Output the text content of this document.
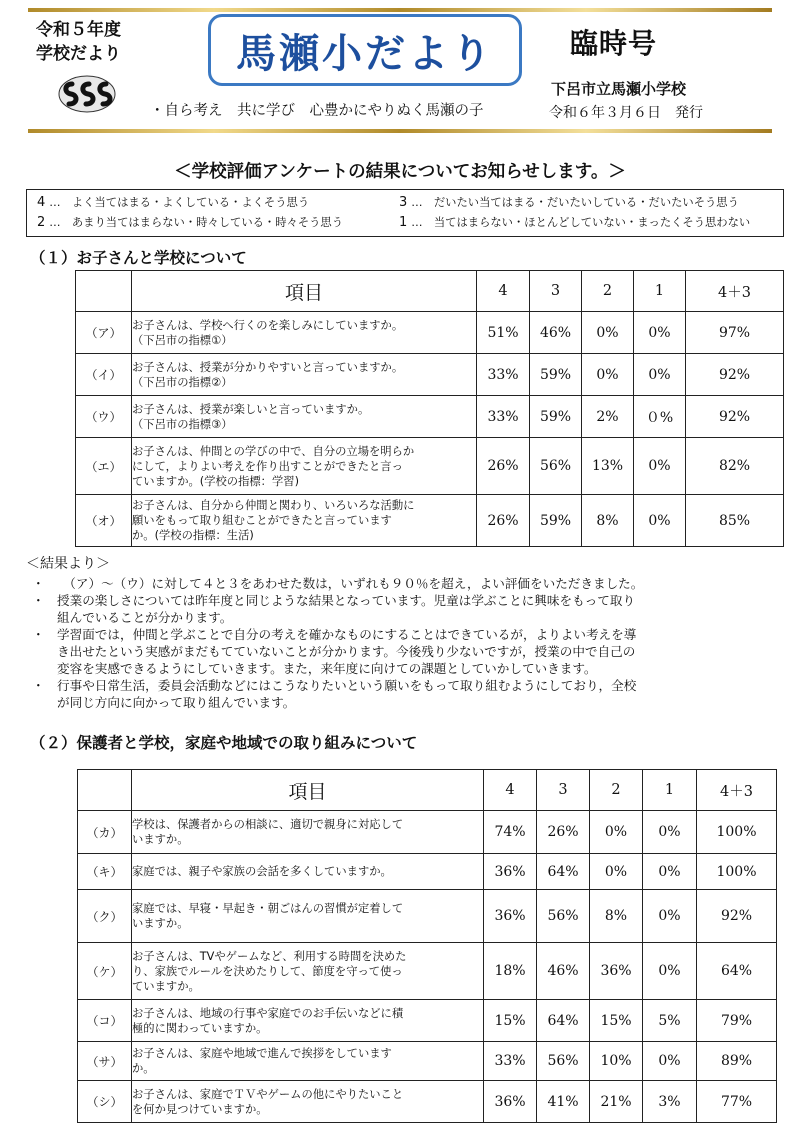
令和５年度
学校だより	馬瀬小だより	臨時号
下呂市立馬瀬小学校
・自ら考え　共に学び　心豊かにやりぬく馬瀬の子	令和６年３月６日　発行
＜学校評価アンケートの結果についてお知らせします。＞
4 …　よく当てはまる・よくしている・よくそう思う	3 …　だいたい当てはまる・だいたいしている・だいたいそう思う
2 …　あまり当てはまらない・時々している・時々そう思う	1 …　当てはまらない・ほとんどしていない・まったくそう思わない
（１）お子さんと学校について
	項目	4	3	2	1	4＋3
（ア）	お子さんは、学校へ行くのを楽しみにしていますか。
（下呂市の指標①）	51%	46%	0%	0%	97%
（イ）	お子さんは、授業が分かりやすいと言っていますか。
（下呂市の指標②）	33%	59%	0%	0%	92%
（ウ）	お子さんは、授業が楽しいと言っていますか。
（下呂市の指標③）	33%	59%	2%	０%	92%
（エ）	お子さんは、仲間との学びの中で、自分の立場を明らか
にして，よりよい考えを作り出すことができたと言っ
ていますか。(学校の指標：学習)	26%	56%	13%	0%	82%
（オ）	お子さんは、自分から仲間と関わり、いろいろな活動に
願いをもって取り組むことができたと言っています
か。(学校の指標：生活)	26%	59%	8%	0%	85%
＜結果より＞
・ 　（ア）～（ウ）に対して４と３をあわせた数は，いずれも９０％を超え，よい評価をいただきました。
・ 授業の楽しさについては昨年度と同じような結果となっています。児童は学ぶことに興味をもって取り
組んでいることが分かります。
・ 学習面では，仲間と学ぶことで自分の考えを確かなものにすることはできているが，よりよい考えを導
き出せたという実感がまだもてていないことが分かります。今後残り少ないですが，授業の中で自己の
変容を実感できるようにしていきます。また，来年度に向けての課題としていかしていきます。
・ 行事や日常生活，委員会活動などにはこうなりたいという願いをもって取り組むようにしており，全校
が同じ方向に向かって取り組んでいます。
（２）保護者と学校，家庭や地域での取り組みについて
	項目	4	3	2	1	4＋3
（カ）	学校は、保護者からの相談に、適切で親身に対応して
いますか。	74%	26%	0%	0%	100%
（キ）	家庭では、親子や家族の会話を多くしていますか。	36%	64%	0%	0%	100%
（ク）	家庭では、早寝・早起き・朝ごはんの習慣が定着して
いますか。	36%	56%	8%	0%	92%
（ケ）	お子さんは、TVやゲームなど、利用する時間を決めた
り、家族でルールを決めたりして、節度を守って使っ
ていますか。	18%	46%	36%	0%	64%
（コ）	お子さんは、地域の行事や家庭でのお手伝いなどに積
極的に関わっていますか。	15%	64%	15%	5%	79%
（サ）	お子さんは、家庭や地域で進んで挨拶をしています
か。	33%	56%	10%	0%	89%
（シ）	お子さんは、家庭でＴＶやゲームの他にやりたいこと
を何か見つけていますか。	36%	41%	21%	3%	77%
